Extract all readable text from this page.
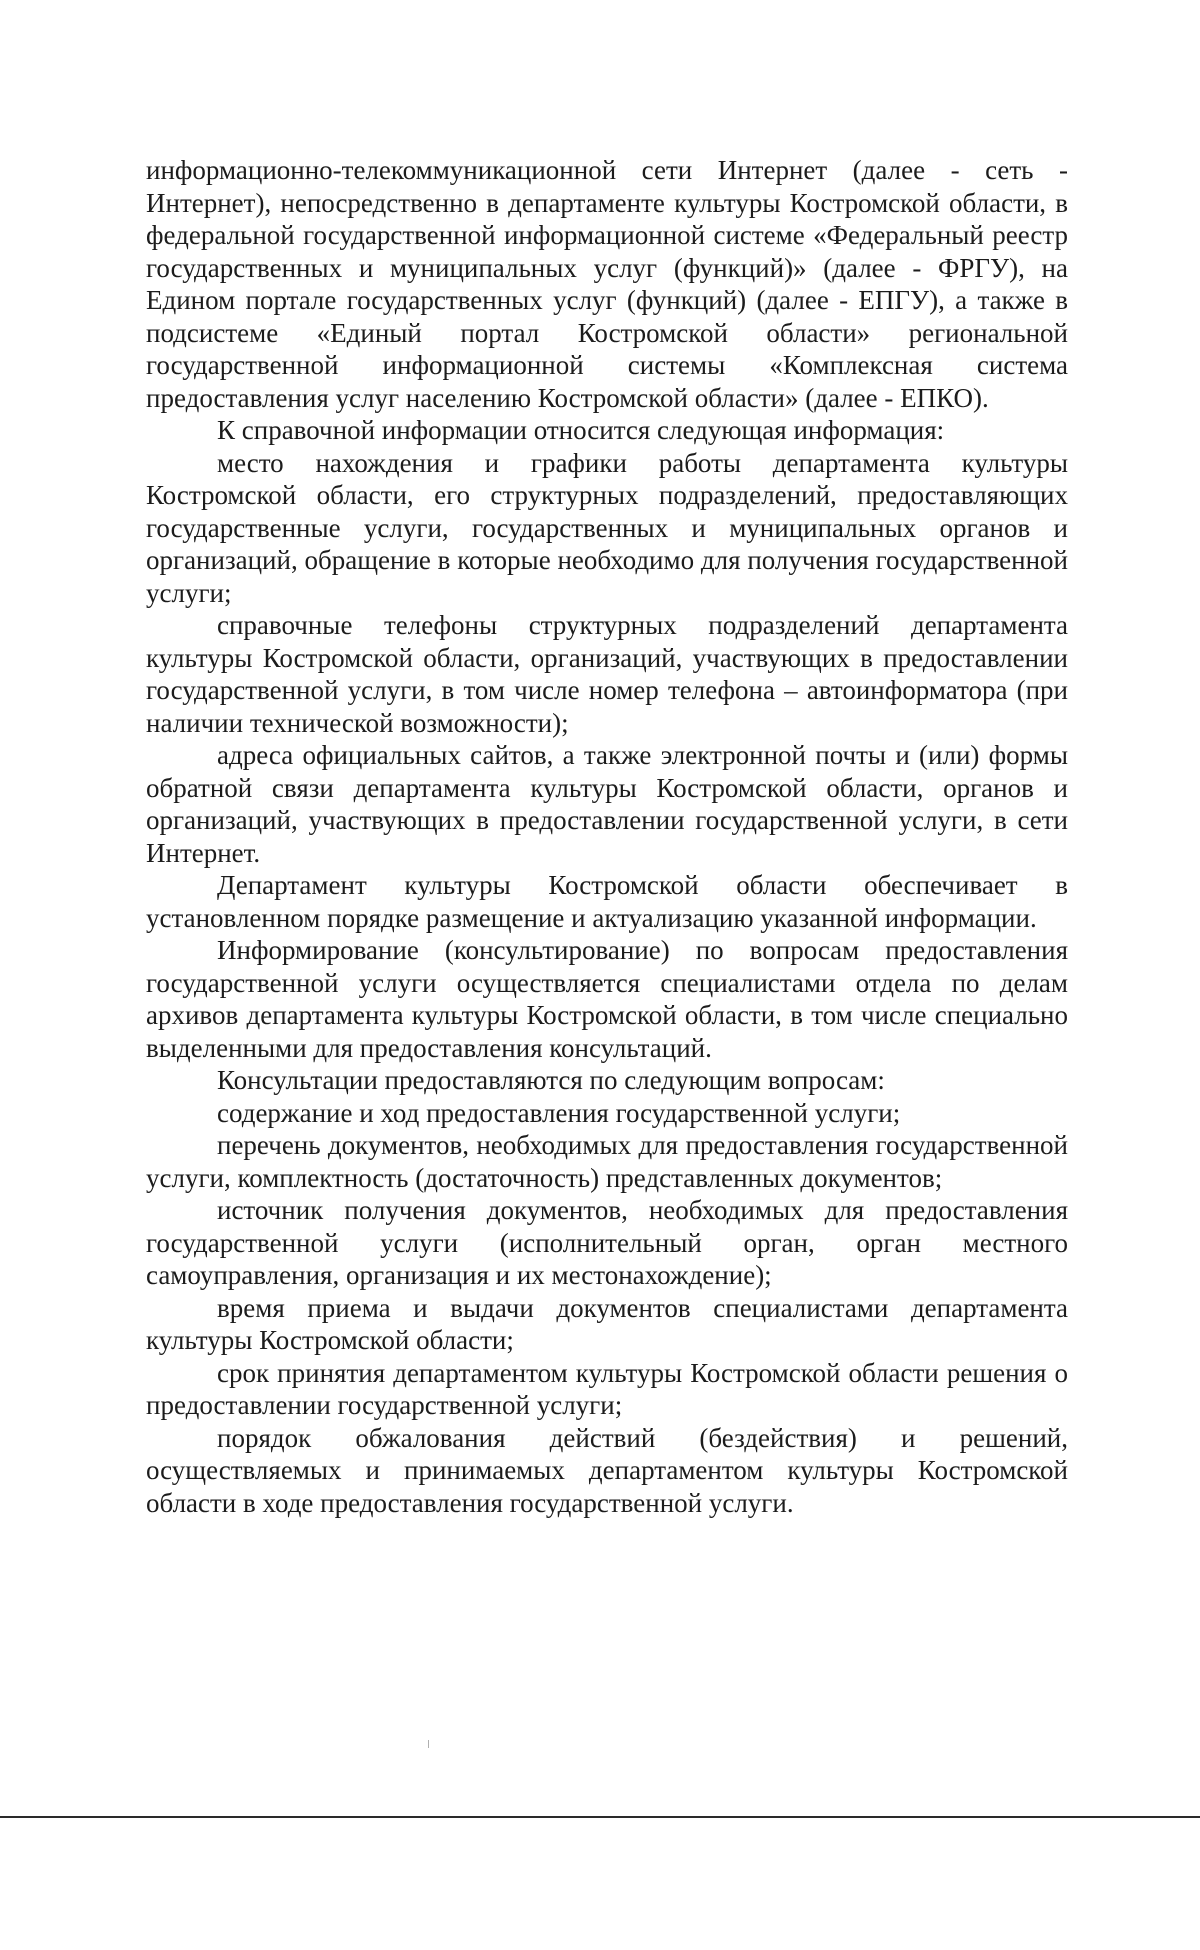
информационно-телекоммуникационной сети Интернет (далее - сеть - Интернет), непосредственно в департаменте культуры Костромской области, в федеральной государственной информационной системе «Федеральный реестр государственных и муниципальных услуг (функций)» (далее - ФРГУ), на Едином портале государственных услуг (функций) (далее - ЕПГУ), а также в подсистеме «Единый портал Костромской области» региональной государственной информационной системы «Комплексная система предоставления услуг населению Костромской области» (далее - ЕПКО).

К справочной информации относится следующая информация:

место нахождения и графики работы департамента культуры Костромской области, его структурных подразделений, предоставляющих государственные услуги, государственных и муниципальных органов и организаций, обращение в которые необходимо для получения государственной услуги;

справочные телефоны структурных подразделений департамента культуры Костромской области, организаций, участвующих в предоставлении государственной услуги, в том числе номер телефона – автоинформатора (при наличии технической возможности);

адреса официальных сайтов, а также электронной почты и (или) формы обратной связи департамента культуры Костромской области, органов и организаций, участвующих в предоставлении государственной услуги, в сети Интернет.

Департамент культуры Костромской области обеспечивает в установленном порядке размещение и актуализацию указанной информации.

Информирование (консультирование) по вопросам предоставления государственной услуги осуществляется специалистами отдела по делам архивов департамента культуры Костромской области, в том числе специально выделенными для предоставления консультаций.

Консультации предоставляются по следующим вопросам:

содержание и ход предоставления государственной услуги;

перечень документов, необходимых для предоставления государственной услуги, комплектность (достаточность) представленных документов;

источник получения документов, необходимых для предоставления государственной услуги (исполнительный орган, орган местного самоуправления, организация и их местонахождение);

время приема и выдачи документов специалистами департамента культуры Костромской области;

срок принятия департаментом культуры Костромской области решения о предоставлении государственной услуги;

порядок обжалования действий (бездействия) и решений, осуществляемых и принимаемых департаментом культуры Костромской области в ходе предоставления государственной услуги.
